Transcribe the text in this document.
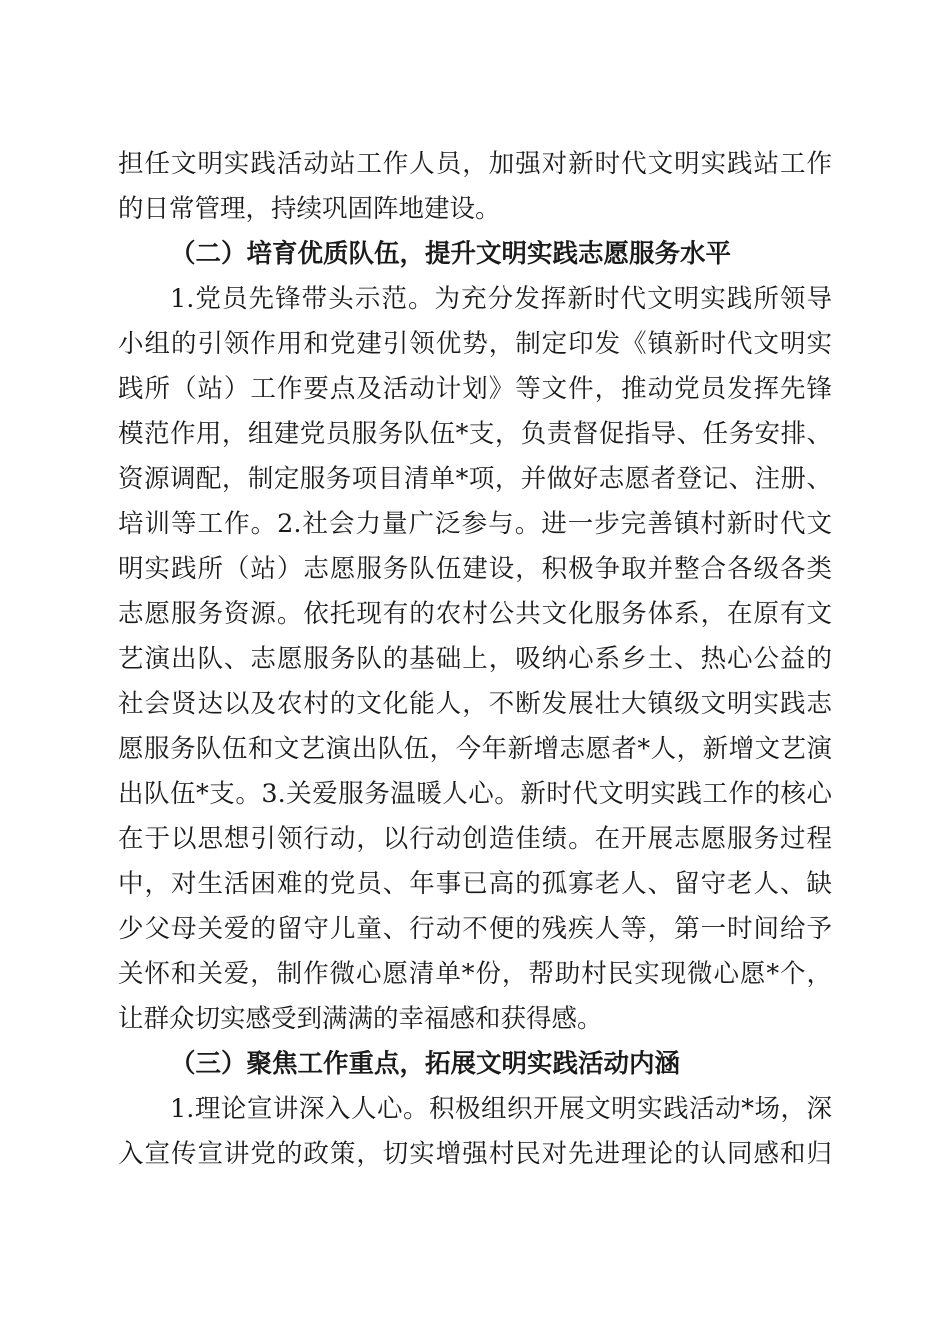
担任文明实践活动站工作人员，加强对新时代文明实践站工作
的日常管理，持续巩固阵地建设。
（二）培育优质队伍，提升文明实践志愿服务水平
1.党员先锋带头示范。为充分发挥新时代文明实践所领导
小组的引领作用和党建引领优势，制定印发《镇新时代文明实
践所（站）工作要点及活动计划》等文件，推动党员发挥先锋
模范作用，组建党员服务队伍*支，负责督促指导、任务安排、
资源调配，制定服务项目清单*项，并做好志愿者登记、注册、
培训等工作。2.社会力量广泛参与。进一步完善镇村新时代文
明实践所（站）志愿服务队伍建设，积极争取并整合各级各类
志愿服务资源。依托现有的农村公共文化服务体系，在原有文
艺演出队、志愿服务队的基础上，吸纳心系乡土、热心公益的
社会贤达以及农村的文化能人，不断发展壮大镇级文明实践志
愿服务队伍和文艺演出队伍，今年新增志愿者*人，新增文艺演
出队伍*支。3.关爱服务温暖人心。新时代文明实践工作的核心
在于以思想引领行动，以行动创造佳绩。在开展志愿服务过程
中，对生活困难的党员、年事已高的孤寡老人、留守老人、缺
少父母关爱的留守儿童、行动不便的残疾人等，第一时间给予
关怀和关爱，制作微心愿清单*份，帮助村民实现微心愿*个，
让群众切实感受到满满的幸福感和获得感。
（三）聚焦工作重点，拓展文明实践活动内涵
1.理论宣讲深入人心。积极组织开展文明实践活动*场，深
入宣传宣讲党的政策，切实增强村民对先进理论的认同感和归
